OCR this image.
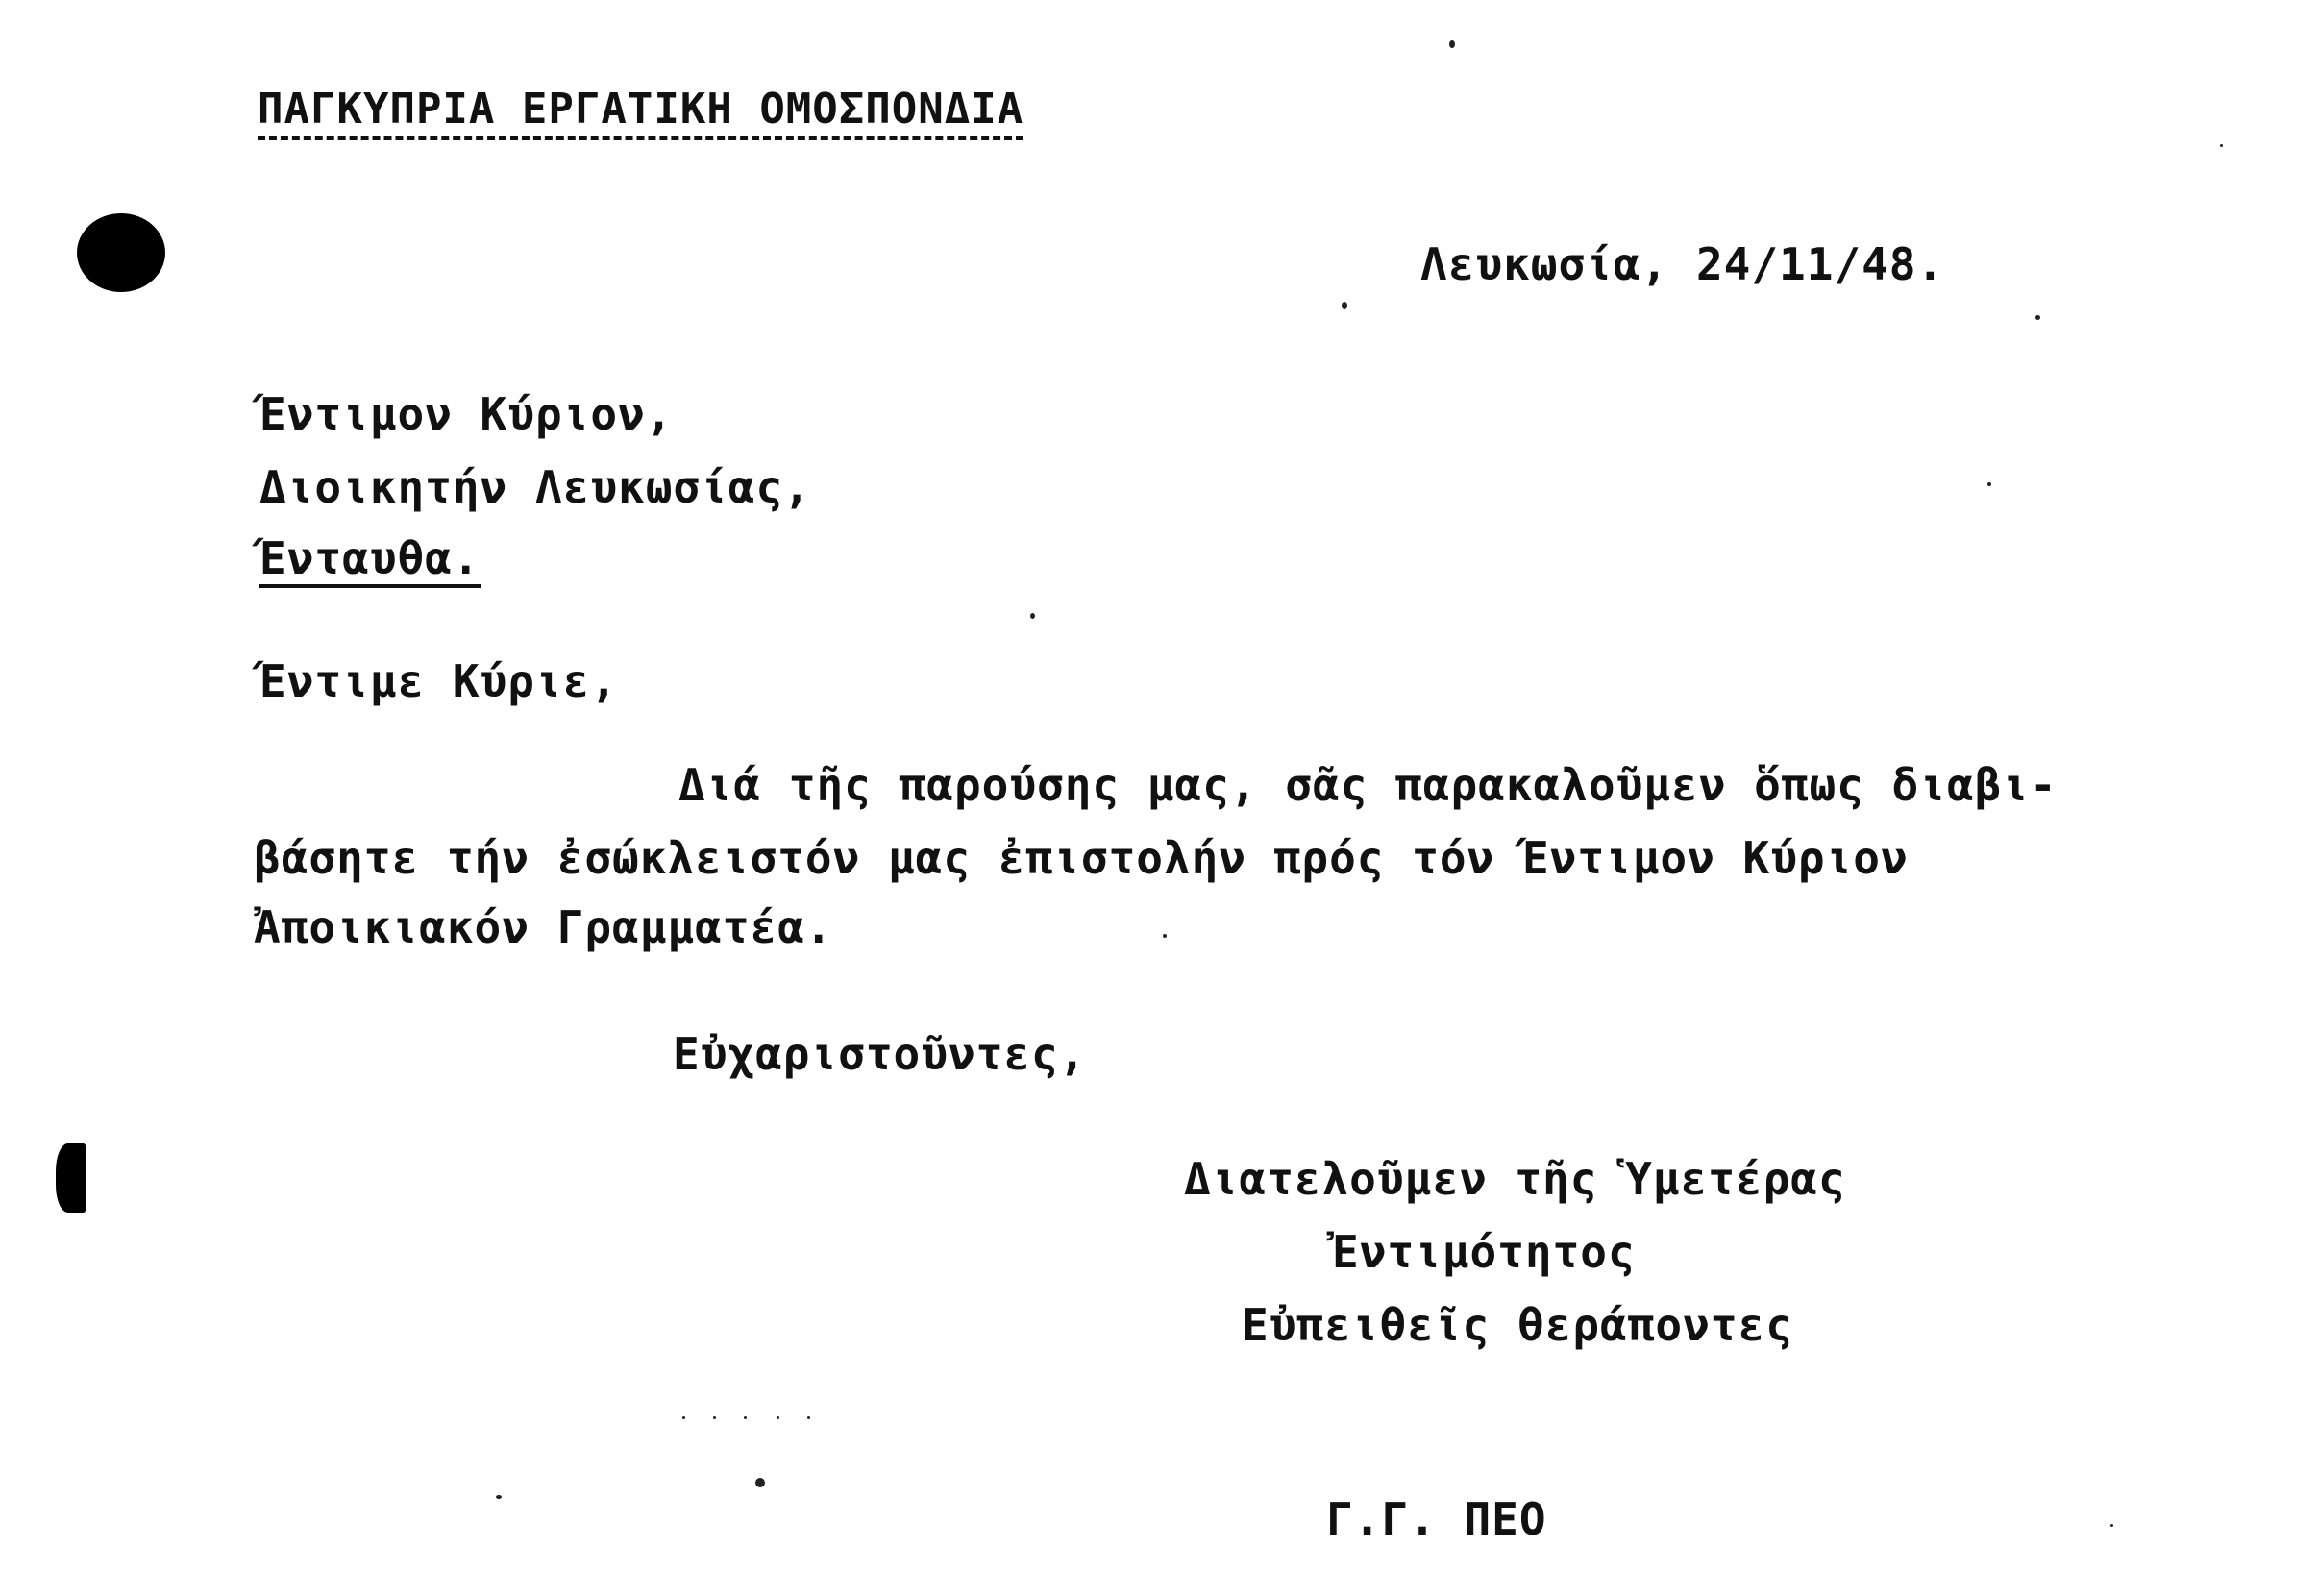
ΠΑΓΚΥΠΡΙΑ ΕΡΓΑΤΙΚΗ ΟΜΟΣΠΟΝΔΙΑ
Λευκωσία, 24/11/48.
Έντιμον Κύριον,
Διοικητήν Λευκωσίας,
Ένταυθα.
Έντιμε Κύριε,
Διά τῆς παρούσης μας, σᾶς παρακαλοῦμεν ὅπως διαβι-
βάσητε τήν ἐσώκλειστόν μας ἐπιστολήν πρός τόν Έντιμον Κύριον
Ἀποικιακόν Γραμματέα.
Εὐχαριστοῦντες,
Διατελοῦμεν τῆς Ὑμετέρας
Ἐντιμότητος
Εὐπειθεῖς θεράποντες
Γ.Γ. ΠΕΟ
